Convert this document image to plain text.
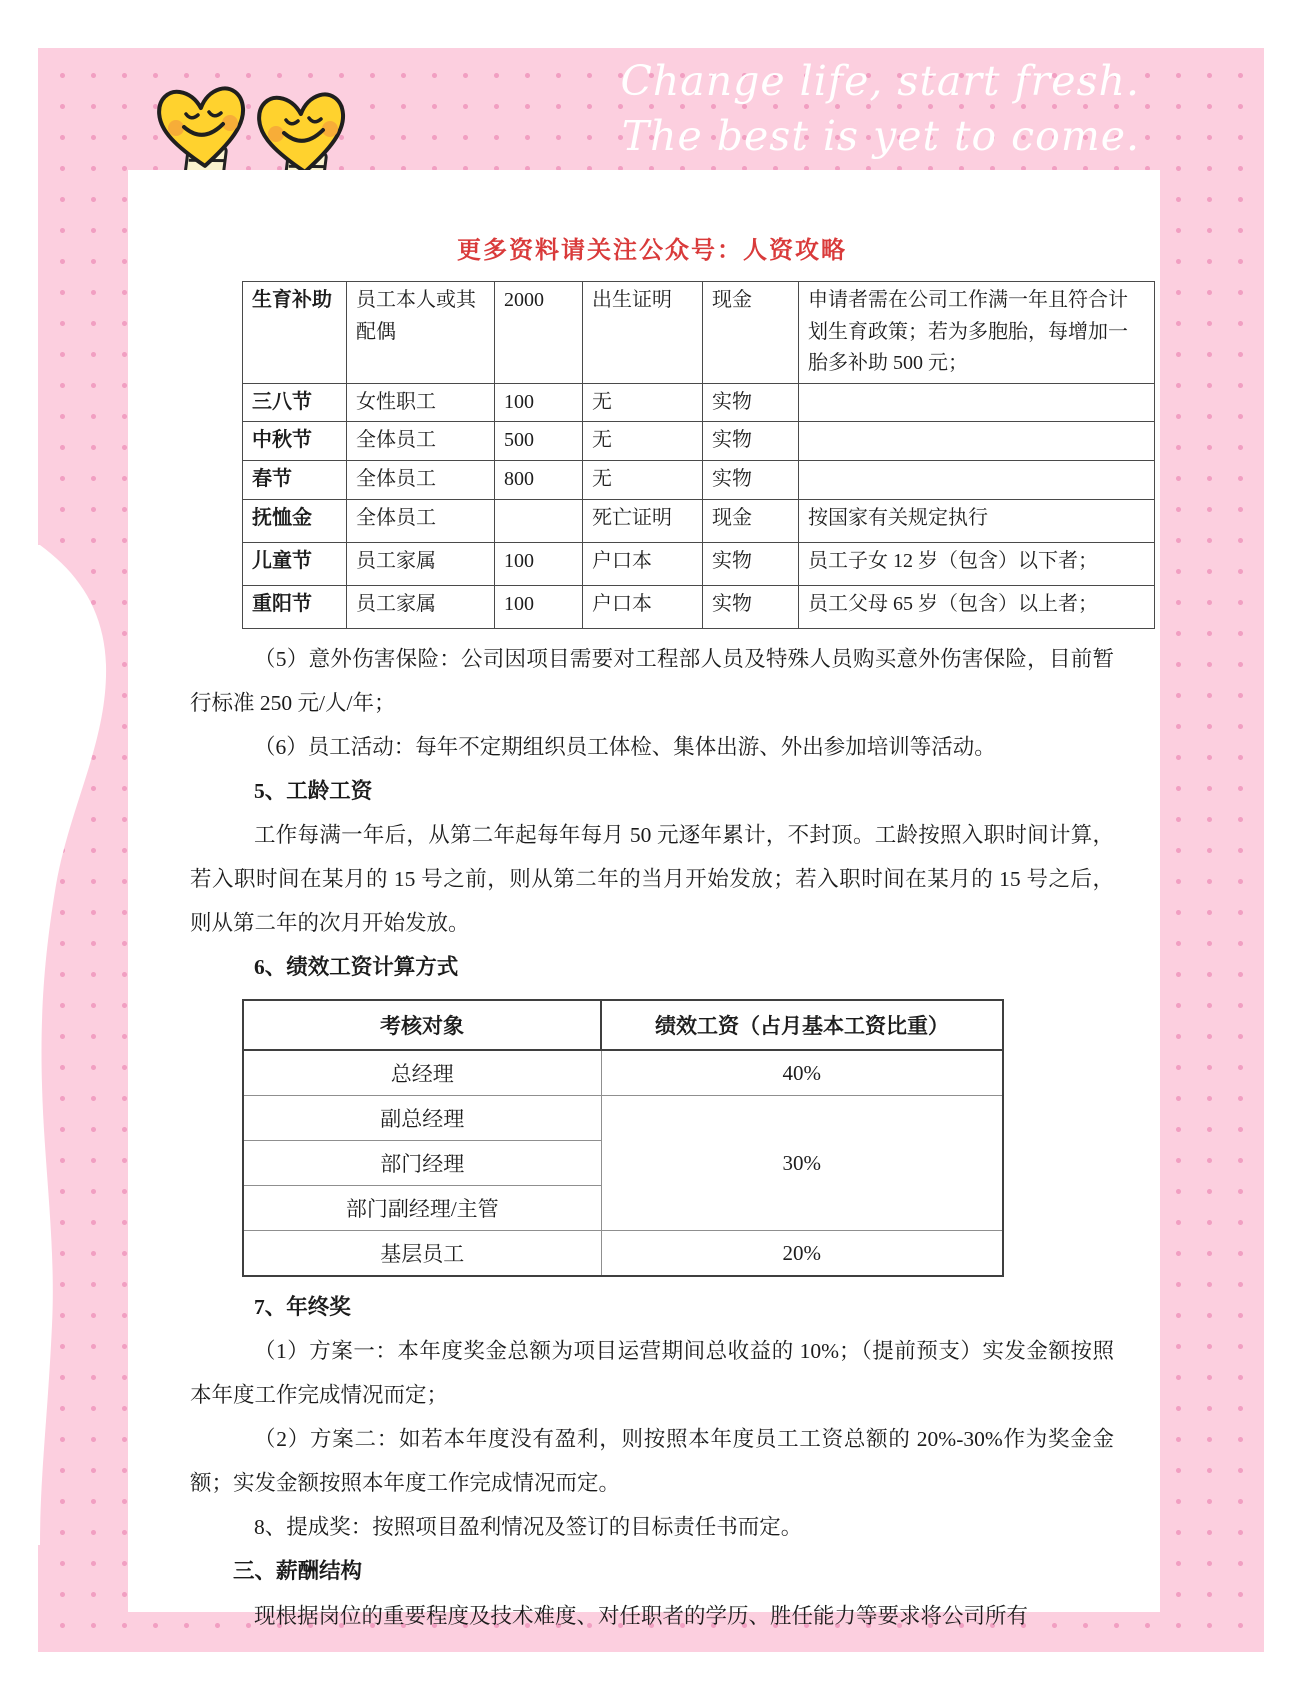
Change life, start fresh.
The best is yet to come.

更多资料请关注公众号：人资攻略

生育补助	员工本人或其配偶	2000	出生证明	现金	申请者需在公司工作满一年且符合计划生育政策；若为多胞胎，每增加一胎多补助 500 元；
三八节	女性职工	100	无	实物	
中秋节	全体员工	500	无	实物	
春节	全体员工	800	无	实物	
抚恤金	全体员工		死亡证明	现金	按国家有关规定执行
儿童节	员工家属	100	户口本	实物	员工子女 12 岁（包含）以下者；
重阳节	员工家属	100	户口本	实物	员工父母 65 岁（包含）以上者；

（5）意外伤害保险：公司因项目需要对工程部人员及特殊人员购买意外伤害保险，目前暂行标准 250 元/人/年；

（6）员工活动：每年不定期组织员工体检、集体出游、外出参加培训等活动。

5、工龄工资

工作每满一年后，从第二年起每年每月 50 元逐年累计，不封顶。工龄按照入职时间计算，若入职时间在某月的 15 号之前，则从第二年的当月开始发放；若入职时间在某月的 15 号之后，则从第二年的次月开始发放。

6、绩效工资计算方式

考核对象	绩效工资（占月基本工资比重）
总经理	40%
副总经理	30%
部门经理	
部门副经理/主管	
基层员工	20%

7、年终奖

（1）方案一：本年度奖金总额为项目运营期间总收益的 10%；（提前预支）实发金额按照本年度工作完成情况而定；

（2）方案二：如若本年度没有盈利，则按照本年度员工工资总额的 20%-30%作为奖金金额；实发金额按照本年度工作完成情况而定。

8、提成奖：按照项目盈利情况及签订的目标责任书而定。

三、薪酬结构

现根据岗位的重要程度及技术难度、对任职者的学历、胜任能力等要求将公司所有
